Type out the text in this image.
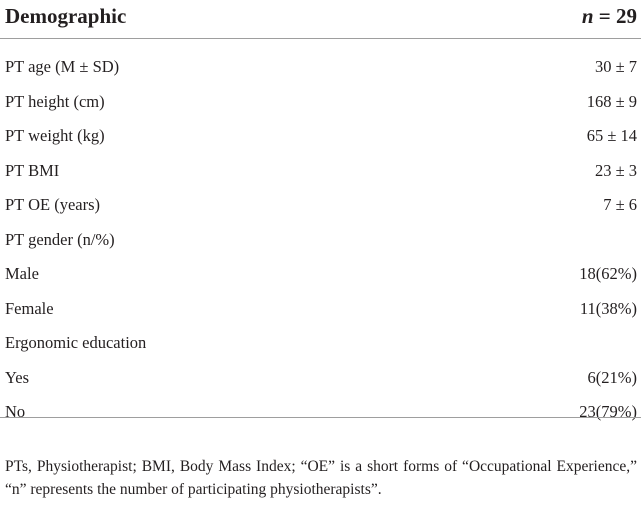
Demographic	n = 29
PT age (M ± SD)	30 ± 7
PT height (cm)	168 ± 9
PT weight (kg)	65 ± 14
PT BMI	23 ± 3
PT OE (years)	7 ± 6
PT gender (n/%)
Male	18(62%)
Female	11(38%)
Ergonomic education
Yes	6(21%)
No	23(79%)

PTs, Physiotherapist; BMI, Body Mass Index; “OE” is a short forms of “Occupational Experience,” “n” represents the number of participating physiotherapists”.
